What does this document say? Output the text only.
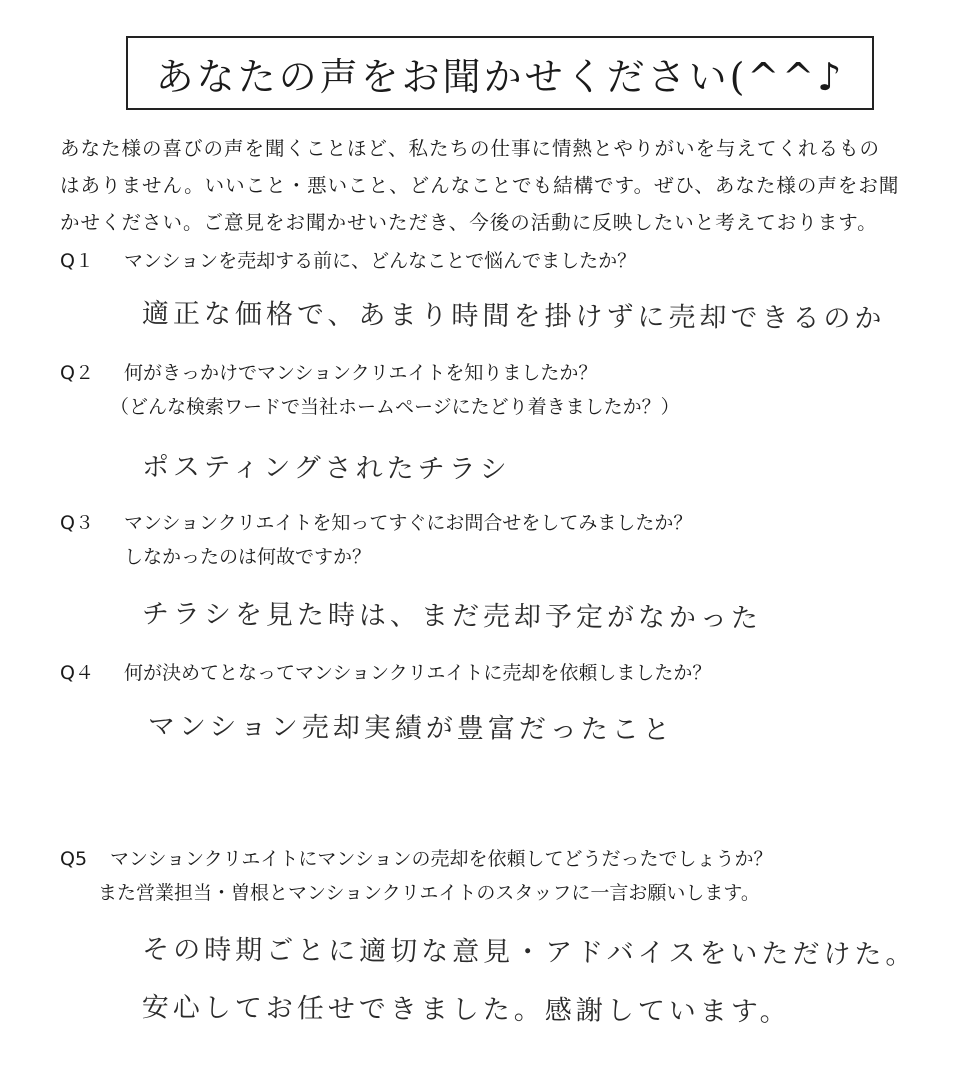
あなたの声をお聞かせください(^^♪
あなた様の喜びの声を聞くことほど、私たちの仕事に情熱とやりがいを与えてくれるもの
はありません。いいこと・悪いこと、どんなことでも結構です。ぜひ、あなた様の声をお聞
かせください。ご意見をお聞かせいただき、今後の活動に反映したいと考えております。
Q１ マンションを売却する前に、どんなことで悩んでましたか？
適正な価格で、あまり時間を掛けずに売却できるのか
Q２ 何がきっかけでマンションクリエイトを知りましたか？
（どんな検索ワードで当社ホームページにたどり着きましたか？）
ポスティングされたチラシ
Q３ マンションクリエイトを知ってすぐにお問合せをしてみましたか？
しなかったのは何故ですか？
チラシを見た時は、まだ売却予定がなかった
Q４ 何が決めてとなってマンションクリエイトに売却を依頼しましたか？
マンション売却実績が豊富だったこと
Q5 マンションクリエイトにマンションの売却を依頼してどうだったでしょうか？
また営業担当・曽根とマンションクリエイトのスタッフに一言お願いします。
その時期ごとに適切な意見・アドバイスをいただけた。
安心してお任せできました。感謝しています。
